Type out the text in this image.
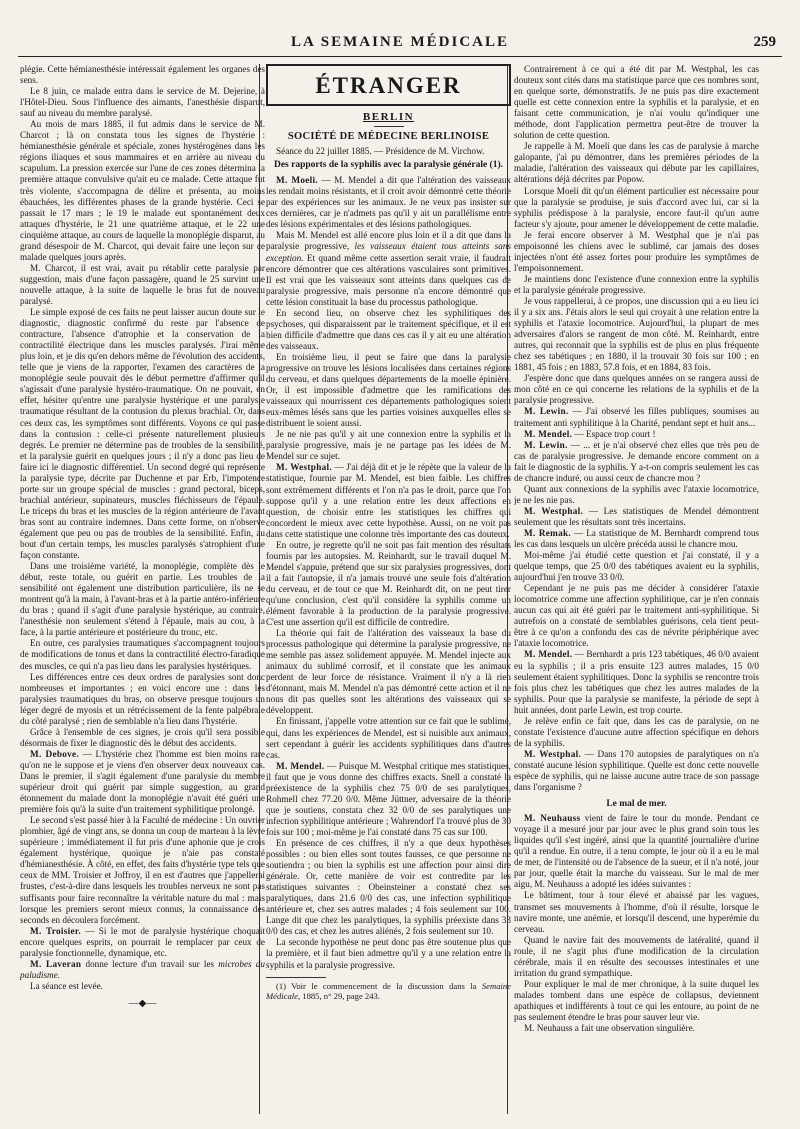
LA SEMAINE MÉDICALE	259

plégie. Cette hémianesthésie intéressait également les organes des sens.

Le 8 juin, ce malade entra dans le service de M. Dejerine, à l'Hôtel-Dieu. Sous l'influence des aimants, l'anesthésie disparut, sauf au niveau du membre paralysé.

Au mois de mars 1885, il fut admis dans le service de M. Charcot ; là on constata tous les signes de l'hystérie : hémianesthésie générale et spéciale, zones hystérogènes dans les régions iliaques et sous mammaires et en arrière au niveau du scapulum. La pression exercée sur l'une de ces zones détermina la première attaque convulsive qu'ait eu ce malade. Cette attaque fut très violente, s'accompagna de délire et présenta, au moins ébauchées, les différentes phases de la grande hystérie. Ceci se passait le 17 mars ; le 19 le malade eut spontanément deux attaques d'hystérie, le 21 une quatrième attaque, et le 22 une cinquième attaque, au cours de laquelle la monoplégie disparut, au grand désespoir de M. Charcot, qui devait faire une leçon sur ce malade quelques jours après.

M. Charcot, il est vrai, avait pu rétablir cette paralysie par suggestion, mais d'une façon passagère, quand le 25 survint une nouvelle attaque, à la suite de laquelle le bras fut de nouveau paralysé.

Le simple exposé de ces faits ne peut laisser aucun doute sur le diagnostic, diagnostic confirmé du reste par l'absence de contracture, l'absence d'atrophie et la conservation de la contractilité électrique dans les muscles paralysés. J'irai même plus loin, et je dis qu'en dehors même de l'évolution des accidents, telle que je viens de la rapporter, l'examen des caractères de la monoplégie seule pouvait dès le début permettre d'affirmer qu'il s'agissait d'une paralysie hystéro-traumatique. On ne pouvait, en effet, hésiter qu'entre une paralysie hystérique et une paralysie traumatique résultant de la contusion du plexus brachial. Or, dans ces deux cas, les symptômes sont différents. Voyons ce qui passe dans la contusion : celle-ci présente naturellement plusieurs degrés. Le premier ne détermine pas de troubles de la sensibilité, et la paralysie guérit en quelques jours ; il n'y a donc pas lieu de faire ici le diagnostic différentiel. Un second degré qui représente la paralysie type, décrite par Duchenne et par Erb, l'impotence porte sur un groupe spécial de muscles : grand pectoral, biceps, brachial antérieur, supinateurs, muscles fléchisseurs de l'épaule. Le triceps du bras et les muscles de la région antérieure de l'avant bras sont au contraire indemnes. Dans cette forme, on n'observe également que peu ou pas de troubles de la sensibilité. Enfin, au bout d'un certain temps, les muscles paralysés s'atrophient d'une façon constante.

Dans une troisième variété, la monoplégie, complète dès le début, reste totale, ou guérit en partie. Les troubles de la sensibilité ont également une distribution particulière, ils ne se montrent qu'à la main, à l'avant-bras et à la partie antéro-inférieure du bras ; quand il s'agit d'une paralysie hystérique, au contraire, l'anesthésie non seulement s'étend à l'épaule, mais au cou, à la face, à la partie antérieure et postérieure du tronc, etc.

En outre, ces paralysies traumatiques s'accompagnent toujours de modifications de tonus et dans la contractilité électro-faradique des muscles, ce qui n'a pas lieu dans les paralysies hystériques.

Les différences entre ces deux ordres de paralysies sont donc nombreuses et importantes ; en voici encore une : dans les paralysies traumatiques du bras, on observe presque toujours un léger degré de myosis et un rétrécissement de la fente palpébrale du côté paralysé ; rien de semblable n'a lieu dans l'hystérie.

Grâce à l'ensemble de ces signes, je crois qu'il sera possible désormais de fixer le diagnostic dès le début des accidents.

M. Debove. — L'hystérie chez l'homme est bien moins rare qu'on ne le suppose et je viens d'en observer deux nouveaux cas. Dans le premier, il s'agit également d'une paralysie du membre supérieur droit qui guérit par simple suggestion, au grand étonnement du malade dont la monoplégie n'avait été guéri une première fois qu'à la suite d'un traitement syphilitique prolongé.

Le second s'est passé hier à la Faculté de médecine : Un ouvrier plombier, âgé de vingt ans, se donna un coup de marteau à la lèvre supérieure ; immédiatement il fut pris d'une aphonie que je crois également hystérique, quoique je n'aie pas constaté d'hémianesthésie. À côté, en effet, des faits d'hystérie type tels que ceux de MM. Troisier et Joffroy, il en est d'autres que j'appellerai frustes, c'est-à-dire dans lesquels les troubles nerveux ne sont pas suffisants pour faire reconnaître la véritable nature du mal : mais lorsque les premiers seront mieux connus, la connaissance des seconds en découlera forcément.

M. Troisier. — Si le mot de paralysie hystérique choquait encore quelques esprits, on pourrait le remplacer par ceux de paralysie fonctionnelle, dynamique, etc.

M. Laveran donne lecture d'un travail sur les microbes du paludisme.

La séance est levée.

—◆—
ÉTRANGER
BERLIN
SOCIÉTÉ DE MÉDECINE BERLINOISE

Séance du 22 juillet 1885. — Présidence de M. Virchow.

Des rapports de la syphilis avec la paralysie générale (1).

M. Moeli. — M. Mendel a dit que l'altération des vaisseaux les rendait moins résistants, et il croit avoir démontré cette théorie par des expériences sur les animaux. Je ne veux pas insister sur ces dernières, car je n'admets pas qu'il y ait un parallélisme entre des lésions expérimentales et des lésions pathologiques.

Mais M. Mendel est allé encore plus loin et il a dit que dans la paralysie progressive, les vaisseaux étaient tous atteints sans exception. Et quand même cette assertion serait vraie, il faudrait encore démontrer que ces altérations vasculaires sont primitives. Il est vrai que les vaisseaux sont atteints dans quelques cas de paralysie progressive, mais personne n'a encore démontré que cette lésion constituait la base du processus pathologique.

En second lieu, on observe chez les syphilitiques des psychoses, qui disparaissent par le traitement spécifique, et il est bien difficile d'admettre que dans ces cas il y ait eu une altération des vaisseaux.

En troisième lieu, il peut se faire que dans la paralysie progressive on trouve les lésions localisées dans certaines régions du cerveau, et dans quelques départements de la moelle épinière. Or, il est impossible d'admettre que les ramifications des vaisseaux qui nourrissent ces départements pathologiques soient eux-mêmes lésés sans que les parties voisines auxquelles elles se distribuent le soient aussi.

Je ne nie pas qu'il y ait une connexion entre la syphilis et la paralysie progressive, mais je ne partage pas les idées de M. Mendel sur ce sujet.

M. Westphal. — J'ai déjà dit et je le répète que la valeur de la statistique, fournie par M. Mendel, est bien faible. Les chiffres sont extrêmement différents et l'on n'a pas le droit, parce que l'on suppose qu'il y a une relation entre les deux affections en question, de choisir entre les statistiques les chiffres qui concordent le mieux avec cette hypothèse. Aussi, on ne voit pas dans cette statistique une colonne très importante des cas douteux.

En outre, je regrette qu'il ne soit pas fait mention des résultats fournis par les autopsies. M. Reinhardt, sur le travail duquel M. Mendel s'appuie, prétend que sur six paralysies progressives, dont il a fait l'autopsie, il n'a jamais trouvé une seule fois d'altération du cerveau, et de tout ce que M. Reinhardt dit, on ne peut tirer qu'une conclusion, c'est qu'il considère la syphilis comme un élément favorable à la production de la paralysie progressive. C'est une assertion qu'il est difficile de contredire.

La théorie qui fait de l'altération des vaisseaux la base du processus pathologique qui détermine la paralysie progressive, ne me semble pas assez solidement appuyée. M. Mendel injecte aux animaux du sublimé corrosif, et il constate que les animaux perdent de leur force de résistance. Vraiment il n'y a là rien d'étonnant, mais M. Mendel n'a pas démontré cette action et il ne nous dit pas quelles sont les altérations des vaisseaux qui se développent.

En finissant, j'appelle votre attention sur ce fait que le sublimé, qui, dans les expériences de Mendel, est si nuisible aux animaux, sert cependant à guérir les accidents syphilitiques dans d'autres cas.

M. Mendel. — Puisque M. Westphal critique mes statistiques, il faut que je vous donne des chiffres exacts. Snell a constaté la préexistence de la syphilis chez 75 0/0 de ses paralytiques, Rohmell chez 77.20 0/0. Même Jüttner, adversaire de la théorie que je soutiens, constata chez 32 0/0 de ses paralytiques une infection syphilitique antérieure ; Wahrendorf l'a trouvé plus de 30 fois sur 100 ; moi-même je l'ai constaté dans 75 cas sur 100.

En présence de ces chiffres, il n'y a que deux hypothèses possibles : ou bien elles sont toutes fausses, ce que personne ne soutiendra ; ou bien la syphilis est une affection pour ainsi dire générale. Or, cette manière de voir est contredite par les statistiques suivantes : Obeinsteiner a constaté chez ses paralytiques, dans 21.6 0/0 des cas, une infection syphilitique antérieure et, chez ses autres malades ; 4 fois seulement sur 100. Lange dit que chez les paralytiques, la syphilis préexiste dans 33 0/0 des cas, et chez les autres aliénés, 2 fois seulement sur 10.

La seconde hypothèse ne peut donc pas être soutenue plus que la première, et il faut bien admettre qu'il y a une relation entre la syphilis et la paralysie progressive.

(1) Voir le commencement de la discussion dans la Semaine Médicale, 1885, n° 29, page 243.

Contrairement à ce qui a été dit par M. Westphal, les cas douteux sont cités dans ma statistique parce que ces nombres sont, en quelque sorte, démonstratifs. Je ne puis pas dire exactement quelle est cette connexion entre la syphilis et la paralysie, et en faisant cette communication, je n'ai voulu qu'indiquer une méthode, dont l'application permettra peut-être de trouver la solution de cette question.

Je rappelle à M. Moeli que dans les cas de paralysie à marche galopante, j'ai pu démontrer, dans les premières périodes de la maladie, l'altération des vaisseaux qui débute par les capillaires, altérations déjà décrites par Popow.

Lorsque Moeli dit qu'un élément particulier est nécessaire pour que la paralysie se produise, je suis d'accord avec lui, car si la syphilis prédispose à la paralysie, encore faut-il qu'un autre facteur s'y ajoute, pour amener le développement de cette maladie.

Je ferai encore observer à M. Westphal que je n'ai pas empoisonné les chiens avec le sublimé, car jamais des doses injectées n'ont été assez fortes pour produire les symptômes de l'empoisonnement.

Je maintiens donc l'existence d'une connexion entre la syphilis et la paralysie générale progressive.

Je vous rappellerai, à ce propos, une discussion qui a eu lieu ici il y a six ans. J'étais alors le seul qui croyait à une relation entre la syphilis et l'ataxie locomotrice. Aujourd'hui, la plupart de mes adversaires d'alors se rangent de mon côté. M. Reinhardt, entre autres, qui reconnait que la syphilis est de plus en plus fréquente chez ses tabétiques ; en 1880, il la trouvait 30 fois sur 100 ; en 1881, 45 fois ; en 1883, 57.8 fois, et en 1884, 83 fois.

J'espère donc que dans quelques années on se rangera aussi de mon côté en ce qui concerne les relations de la syphilis et de la paralysie progressive.

M. Lewin. — J'ai observé les filles publiques, soumises au traitement anti syphilitique à la Charité, pendant sept et huit ans...

M. Mendel. — Espace trop court !

M. Lewin. — ... et je n'ai observé chez elles que très peu de cas de paralysie progressive. Je demande encore comment on a fait le diagnostic de la syphilis. Y a-t-on compris seulement les cas de chancre induré, ou aussi ceux de chancre mou ?

Quant aux connexions de la syphilis avec l'ataxie locomotrice, je ne les nie pas.

M. Westphal. — Les statistiques de Mendel démontrent seulement que les résultats sont très incertains.

M. Remak. — La statistique de M. Bernhardt comprend tous les cas dans lesquels un ulcère précéda aussi le chancre mou.

Moi-même j'ai étudié cette question et j'ai constaté, il y a quelque temps, que 25 0/0 des tabétiques avaient eu la syphilis, aujourd'hui j'en trouve 33 0/0.

Cependant je ne puis pas me décider à considérer l'ataxie locomotrice comme une affection syphilitique, car je n'en connais aucun cas qui ait été guéri par le traitement anti-syphilitique. Si autrefois on a constaté de semblables guérisons, cela tient peut-être à ce qu'on a confondu des cas de névrite périphérique avec l'ataxie locomotrice.

M. Mendel. — Bernhardt a pris 123 tabétiques, 46 0/0 avaient eu la syphilis ; il a pris ensuite 123 autres malades, 15 0/0 seulement étaient syphilitiques. Donc la syphilis se rencontre trois fois plus chez les tabétiques que chez les autres malades de la syphilis. Pour que la paralysie se manifeste, la période de sept à huit années, dont parle Lewin, est trop courte.

Je relève enfin ce fait que, dans les cas de paralysie, on ne constate l'existence d'aucune autre affection spécifique en dehors de la syphilis.

M. Westphal. — Dans 170 autopsies de paralytiques on n'a constaté aucune lésion syphilitique. Quelle est donc cette nouvelle espèce de syphilis, qui ne laisse aucune autre trace de son passage dans l'organisme ?

Le mal de mer.

M. Neuhauss vient de faire le tour du monde. Pendant ce voyage il a mesuré jour par jour avec le plus grand soin tous les liquides qu'il s'est ingéré, ainsi que la quantité journalière d'urine qu'il a rendue. En outre, il a tenu compte, le jour où il a eu le mal de mer, de l'intensité ou de l'absence de la sueur, et il n'a noté, jour par jour, quelle était la marche du vaisseau. Sur le mal de mer aigu, M. Neuhauss a adopté les idées suivantes :

Le bâtiment, tour à tour élevé et abaissé par les vagues, transmet ses mouvements à l'homme, d'où il résulte, lorsque le navire monte, une anémie, et lorsqu'il descend, une hyperémie du cerveau.

Quand le navire fait des mouvements de latéralité, quand il roule, il ne s'agit plus d'une modification de la circulation cérébrale, mais il en résulte des secousses intestinales et une irritation du grand sympathique.

Pour expliquer le mal de mer chronique, à la suite duquel les malades tombent dans une espèce de collapsus, deviennent apathiques et indifférents à tout ce qui les entoure, au point de ne pas seulement étendre le bras pour sauver leur vie.

M. Neuhauss a fait une observation singulière.
